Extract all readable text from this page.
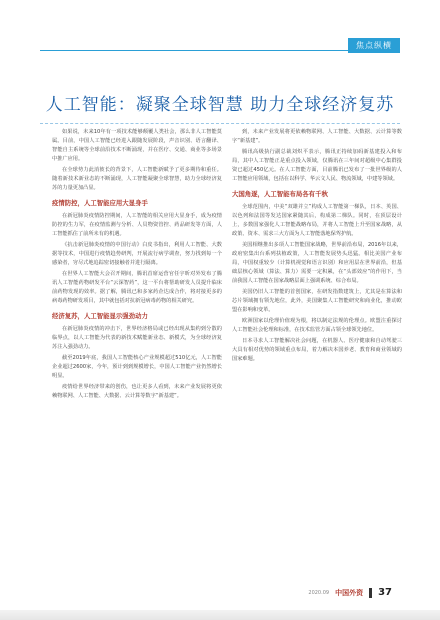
焦点纵横
人工智能：凝聚全球智慧 助力全球经济复苏

如果说，未来10年有一项技术能够颠覆人类社会，那么非人工智能莫属。目前，中国人工智能已经进入跟随发展阶段，声音识别、语言翻译、智能自主系统等全球前沿技术不断涌现，并在医疗、交通、商业等多场景中推广应用。

在全球势力此消彼长的背景下，人工智能新赋予了更多期待和重任。随着新技术新业态的不断涌现，人工智能凝聚全球智慧，助力全球经济复苏的力量更加凸显。

疫情防控，人工智能应用大显身手

在新冠肺炎疫情防控期间，人工智能的相关应用大显身手，成为疫情防控的生力军，在疫情监测与分析、人员物资管控、药品研发等方面，人工智能抓住了前所未有的机遇。

《抗击新冠肺炎疫情的中国行动》白皮书指出，利用人工智能、大数据等技术，中国进行疫情趋势研判，开展流行病学调查，努力找到每一个感染者，穷尽式地追踪密切接触者并进行隔离。

在世界人工智能大会召开期间，腾讯首席运营官任宇昕对外发布了腾讯人工智能药物研发平台“云深智药”，这一平台将帮助研发人员提升临床前药物发现的效率。据了解，腾讯已和多家药企达成合作，将对接更多的病毒药物研发项目，其中就包括对抗新冠病毒药物的相关研究。

经济复苏，人工智能显示强劲动力

在新冠肺炎疫情的冲击下，世界经济格局或已经出现从集约到分散的临界点，以人工智能为代表的新技术赋能新业态、新模式，为全球经济复苏注入强劲动力。

截至2019年底，我国人工智能核心产业规模超过510亿元，人工智能企业超过2600家，今年，预计到到规模增长，中国人工智能产业仍然增长明显。

疫情给世界经济带来的创伤，也让更多人看到，未来产业发展将更依赖物联网、人工智能、大数据、云计算等数字“新基建”。

到，未来产业发展将更依赖物联网、人工智能、大数据、云计算等数字“新基建”。

腾讯高级执行副总裁刘炽平表示，腾讯正持续加码新基建投入和布局，其中人工智能正是重点投入领域，仅腾讯在三年间对超级中心集群投资已超过450亿元。在人工智能方面，目前腾讯已发布了一批世界级的人工智能应用领域，包括在以科学、华云文人民、物流领域，中建等领域。

大国角逐，人工智能布局各有千秋

全球范围内，中美“双雄并立”构成人工智能第一梯队，日本、英国、以色列和法国等发达国家紧随其后，构成第二梯队。同时，在顶层设计上，多数国家强化人工智能战略布局，并将人工智能上升至国家战略，从政策、资本、需求三大方面为人工智能落地保驾护航。

美国相继推出多项人工智能国家战略，世界前沿布局，2016年以来，政府密集出台系列扶植政策，人工智能发展势头迅猛。相比美国产业布局，中国权重较少（计算机视觉和语言识别）和应用层在世界前沿，但基础层核心领域（算法、算力）需要一定积累，在“头部效应”的作用下，当前我国人工智能在国家战略层面上强调系统、综合布局。

美国仍旧人工智能的首创国家，在研发指数建筑上，尤其是在算法和芯片领域拥有领先地位，此外，美国聚集人工智能研究和商业化，推动欧盟在影响和变革。

欧洲国家以伦理价值观为根，将以制定法规的伦理点。欧盟注重探讨人工智能社会伦理和标准，在技术监管方面占领全球领先地位。

日本寻求人工智能解决社会问题，在机器人、医疗健康和自动驾驶三大具有相对优势的领域重点布局，着力解决本国养老、教育和商业领域的国家难题。

2020.09 中国外资 37
